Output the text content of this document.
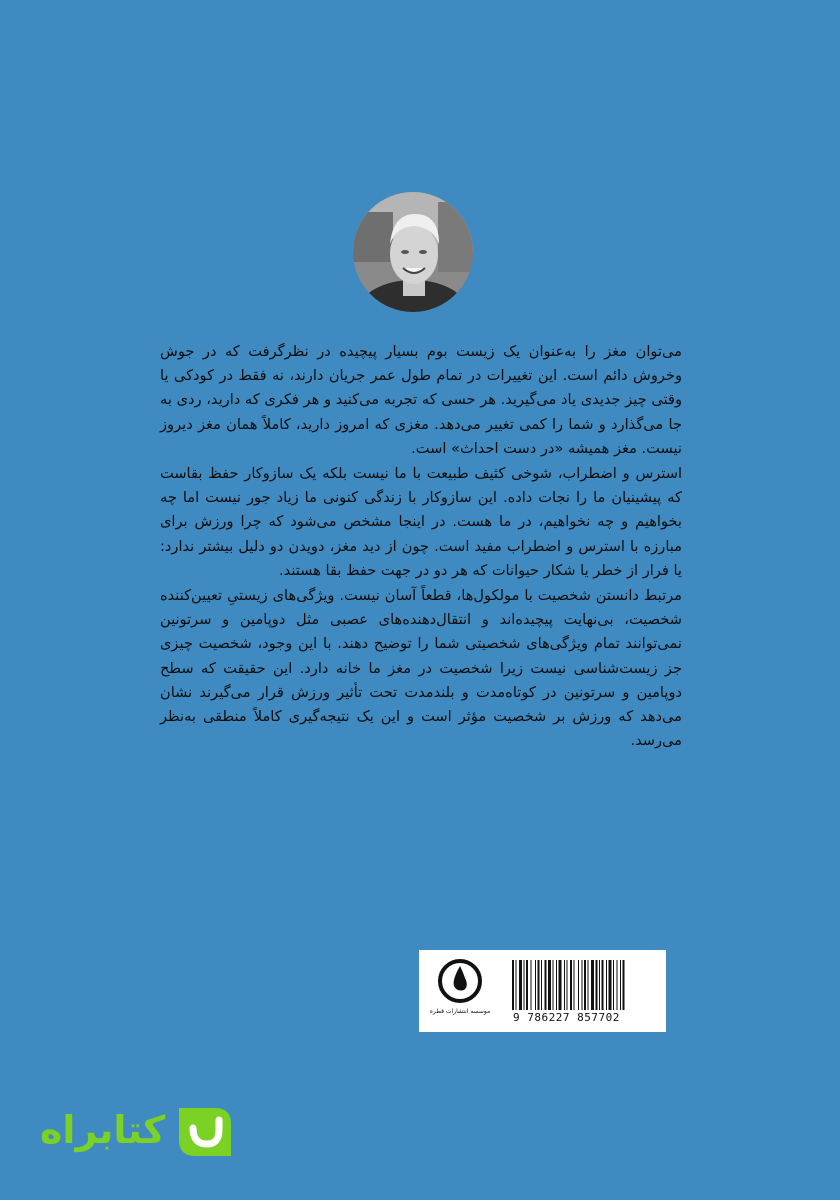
می‌توان مغز را به‌عنوان یک زیست بوم بسیار پیچیده در نظرگرفت که در جوش وخروش دائم است. این تغییرات در تمام طول عمر جریان دارند، نه فقط در کودکی یا وقتی چیز جدیدی یاد می‌گیرید. هر حسی که تجربه می‌کنید و هر فکری که دارید، ردی به جا می‌گذارد و شما را کمی تغییر می‌دهد. مغزی که امروز دارید، کاملاً همان مغز دیروز نیست. مغز همیشه «در دست احداث» است.

استرس و اضطراب، شوخی کثیف طبیعت با ما نیست بلکه یک سازوکار حفظ بقاست که پیشینیان ما را نجات داده. این سازوکار با زندگی کنونی ما زیاد جور نیست اما چه بخواهیم و چه نخواهیم، در ما هست. در اینجا مشخص می‌شود که چرا ورزش برای مبارزه با استرس و اضطراب مفید است. چون از دید مغز، دویدن دو دلیل بیشتر ندارد: یا فرار از خطر یا شکار حیوانات که هر دو در جهت حفظ بقا هستند.

مرتبط دانستن شخصیت با مولکول‌ها، قطعاً آسان نیست. ویژگی‌های زیستیِ تعیین‌کننده شخصیت، بی‌نهایت پیچیده‌اند و انتقال‌دهنده‌های عصبی مثل دوپامین و سرتونین نمی‌توانند تمام ویژگی‌های شخصیتی شما را توضیح دهند. با این وجود، شخصیت چیزی جز زیست‌شناسی نیست زیرا شخصیت در مغز ما خانه دارد. این حقیقت که سطح دوپامین و سرتونین در کوتاه‌مدت و بلندمدت تحت تأثیر ورزش قرار می‌گیرند نشان می‌دهد که ورزش بر شخصیت مؤثر است و این یک نتیجه‌گیری کاملاً منطقی به‌نظر می‌رسد.

موسسه انتشارات قطره 9 786227 857702
کتابراه
